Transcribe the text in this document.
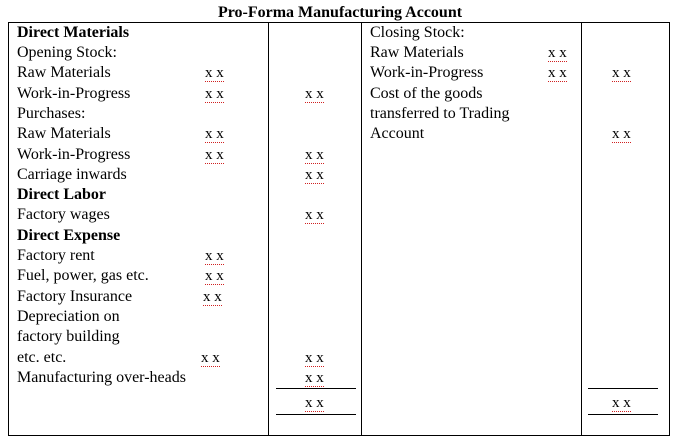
Pro-Forma Manufacturing Account
Direct Materials
Opening Stock:
Raw Materials
Work-in-Progress
Purchases:
Raw Materials
Work-in-Progress
Carriage inwards
Direct Labor
Factory wages
Direct Expense
Factory rent
Fuel, power, gas etc.
Factory Insurance
Depreciation on
factory building
etc. etc.
Manufacturing over-heads
x x
x x
x x
x x
x x
x x
x x
x x
x x
x x
x x
x x
x x
x x
x x
Closing Stock:
Raw Materials
Work-in-Progress
Cost of the goods
transferred to Trading
Account
x x
x x	x x
x x
x x
